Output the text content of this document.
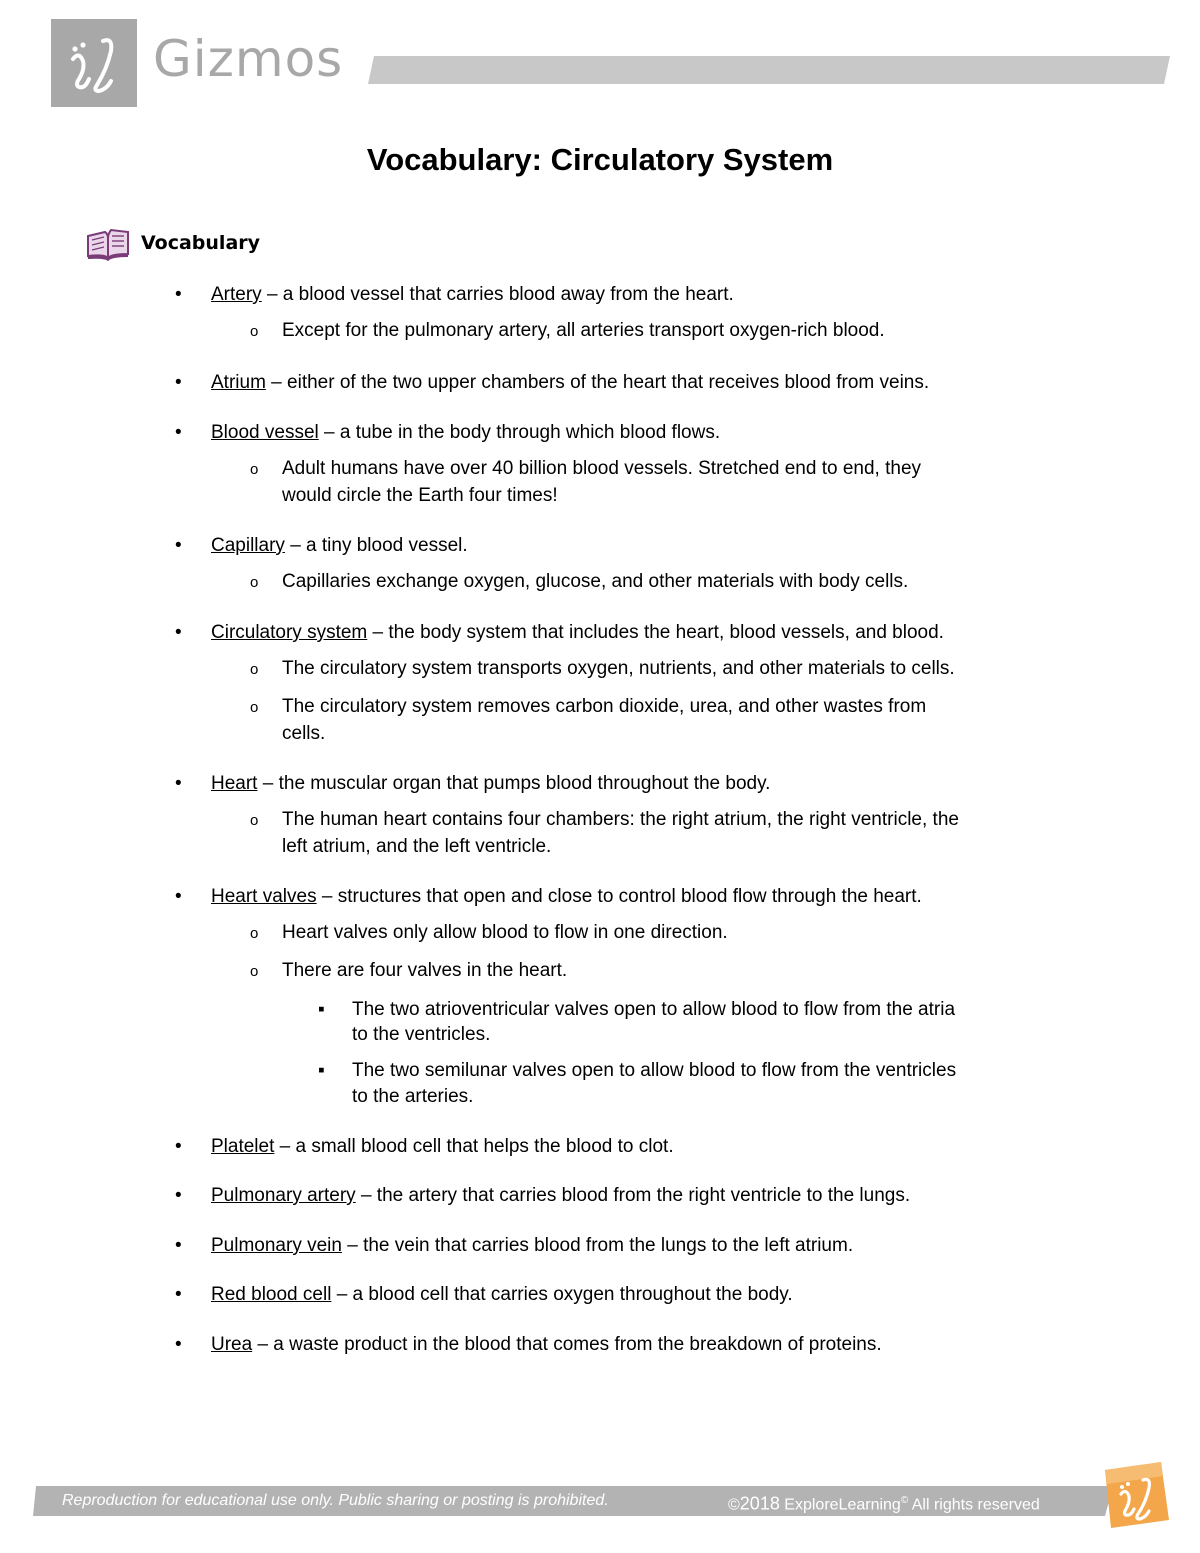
Gizmos
Vocabulary: Circulatory System
Vocabulary
• Artery – a blood vessel that carries blood away from the heart.
o Except for the pulmonary artery, all arteries transport oxygen-rich blood.
• Atrium – either of the two upper chambers of the heart that receives blood from veins.
• Blood vessel – a tube in the body through which blood flows.
o Adult humans have over 40 billion blood vessels. Stretched end to end, they
would circle the Earth four times!
• Capillary – a tiny blood vessel.
o Capillaries exchange oxygen, glucose, and other materials with body cells.
• Circulatory system – the body system that includes the heart, blood vessels, and blood.
o The circulatory system transports oxygen, nutrients, and other materials to cells.
o The circulatory system removes carbon dioxide, urea, and other wastes from
cells.
• Heart – the muscular organ that pumps blood throughout the body.
o The human heart contains four chambers: the right atrium, the right ventricle, the
left atrium, and the left ventricle.
• Heart valves – structures that open and close to control blood flow through the heart.
o Heart valves only allow blood to flow in one direction.
o There are four valves in the heart.
▪ The two atrioventricular valves open to allow blood to flow from the atria
to the ventricles.
▪ The two semilunar valves open to allow blood to flow from the ventricles
to the arteries.
• Platelet – a small blood cell that helps the blood to clot.
• Pulmonary artery – the artery that carries blood from the right ventricle to the lungs.
• Pulmonary vein – the vein that carries blood from the lungs to the left atrium.
• Red blood cell – a blood cell that carries oxygen throughout the body.
• Urea – a waste product in the blood that comes from the breakdown of proteins.
Reproduction for educational use only. Public sharing or posting is prohibited.	©2018 ExploreLearning© All rights reserved
